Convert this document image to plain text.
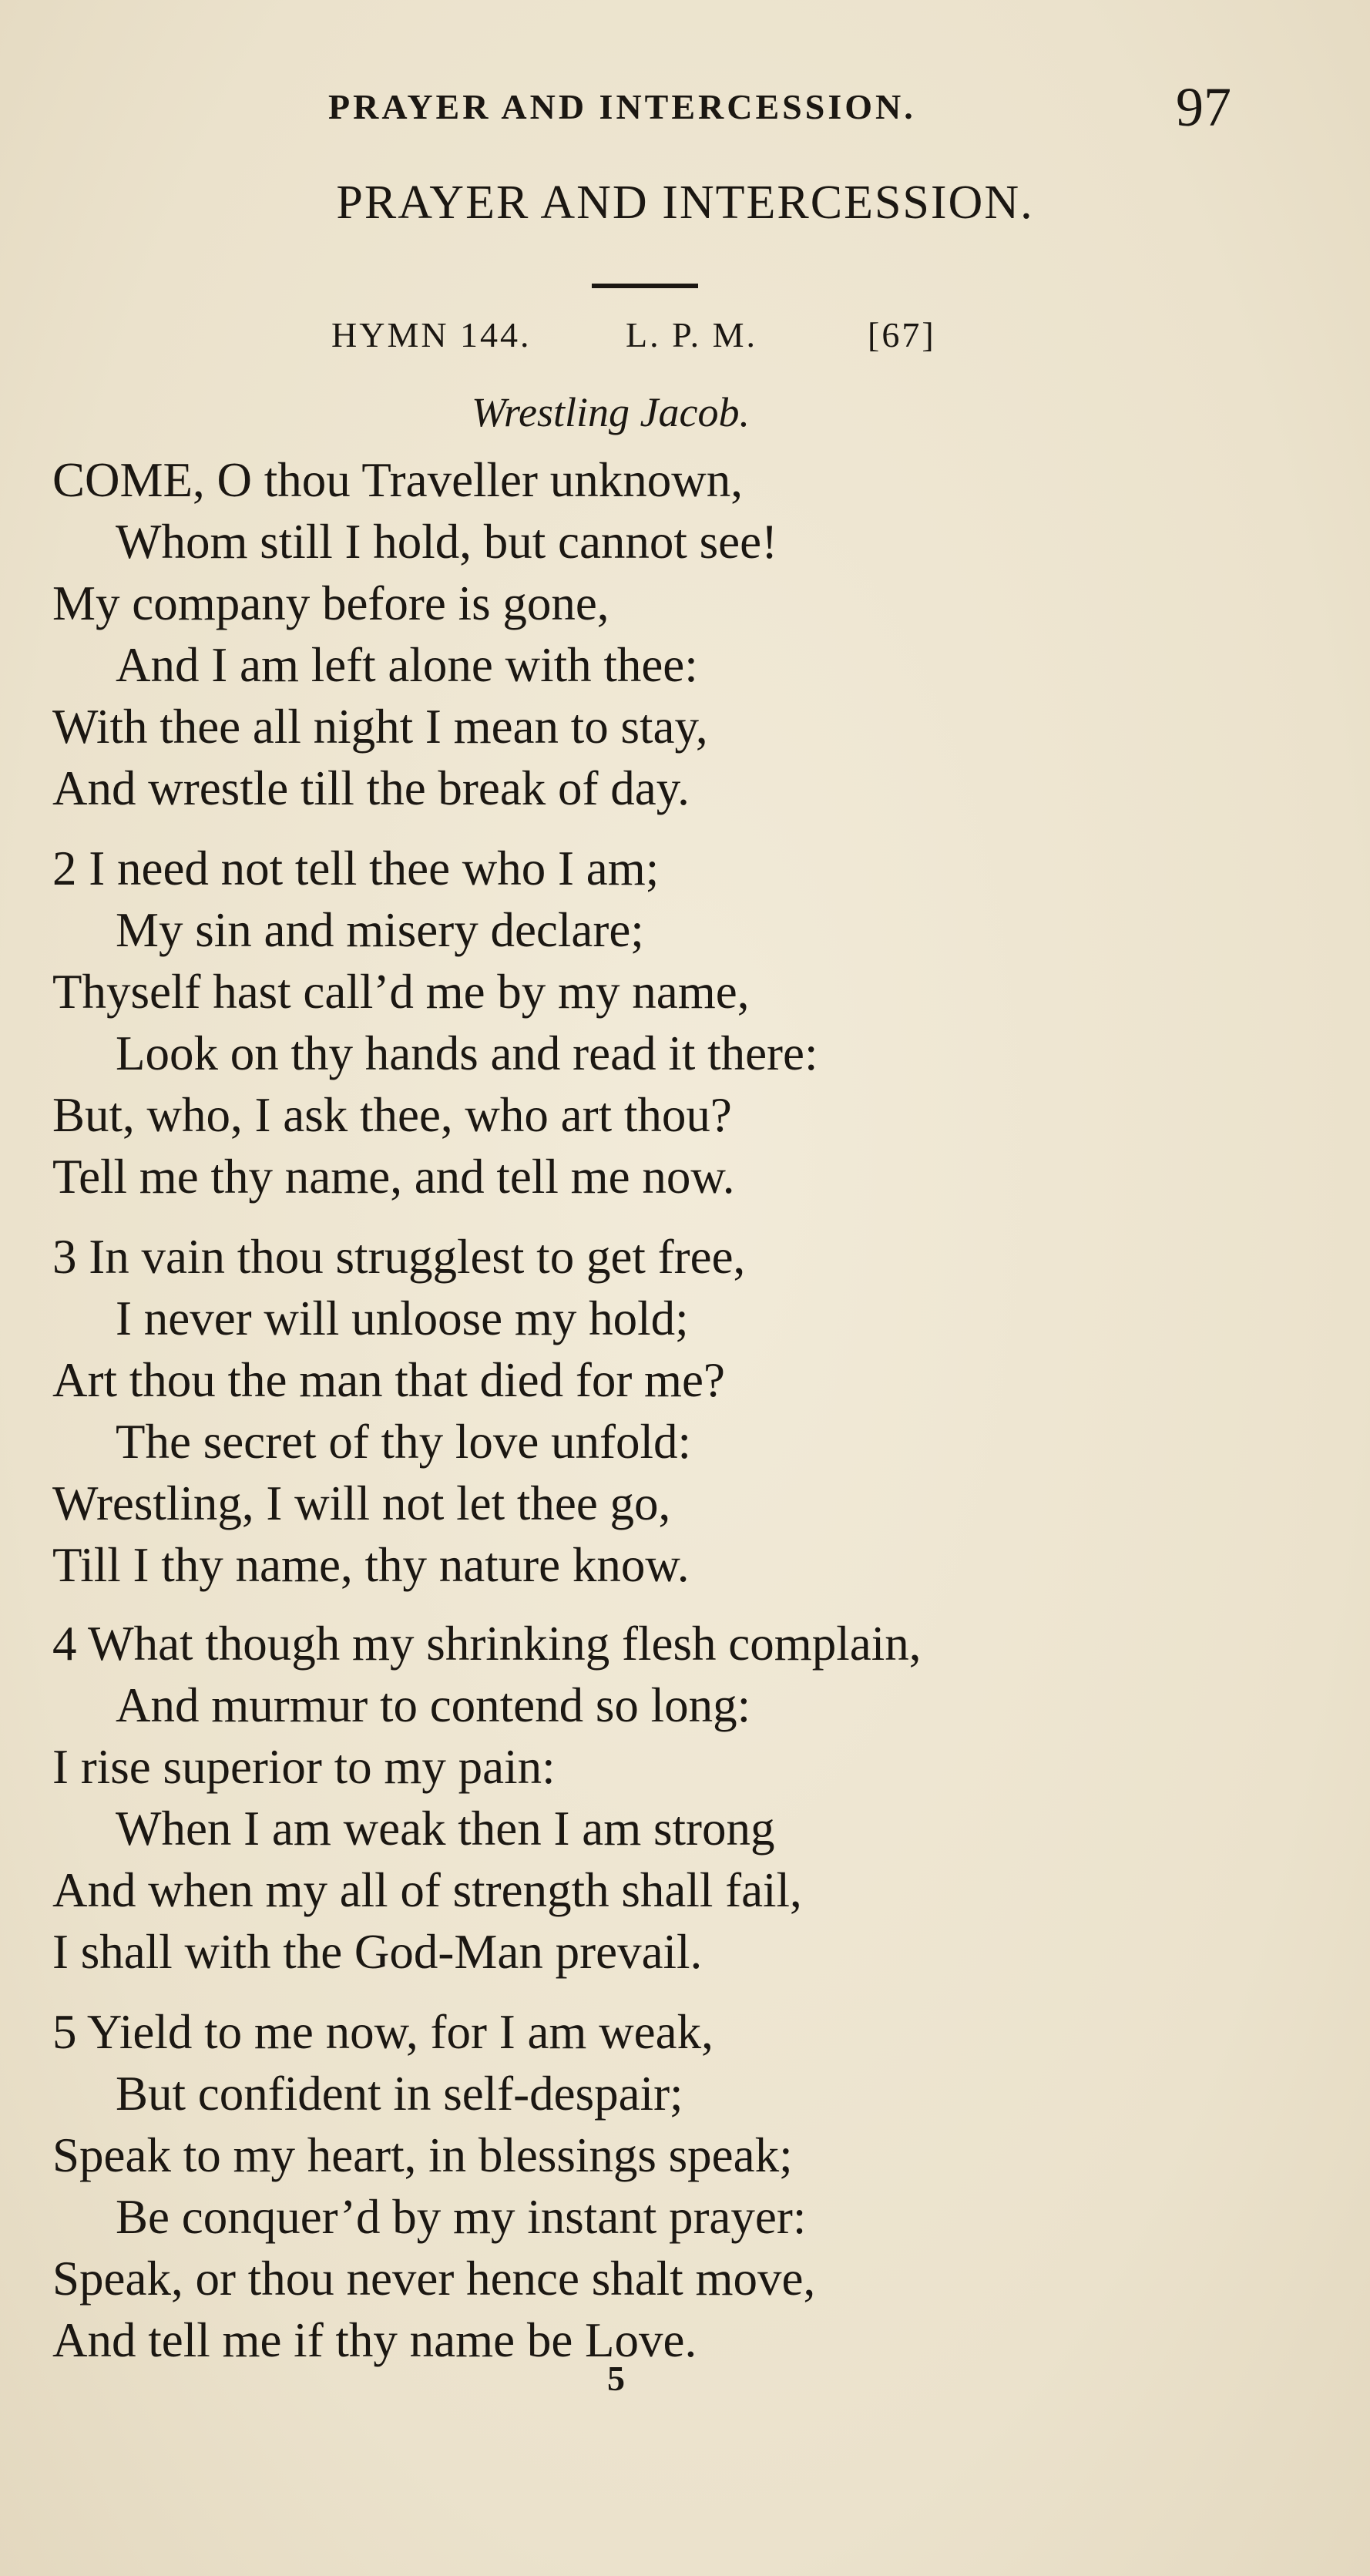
PRAYER AND INTERCESSION.	97
PRAYER AND INTERCESSION.
HYMN 144.	L. P. M.	[67]
Wrestling Jacob.
COME, O thou Traveller unknown,
Whom still I hold, but cannot see!
My company before is gone,
And I am left alone with thee:
With thee all night I mean to stay,
And wrestle till the break of day.
2 I need not tell thee who I am;
My sin and misery declare;
Thyself hast call’d me by my name,
Look on thy hands and read it there:
But, who, I ask thee, who art thou?
Tell me thy name, and tell me now.
3 In vain thou strugglest to get free,
I never will unloose my hold;
Art thou the man that died for me?
The secret of thy love unfold:
Wrestling, I will not let thee go,
Till I thy name, thy nature know.
4 What though my shrinking flesh complain,
And murmur to contend so long:
I rise superior to my pain:
When I am weak then I am strong
And when my all of strength shall fail,
I shall with the God-Man prevail.
5 Yield to me now, for I am weak,
But confident in self-despair;
Speak to my heart, in blessings speak;
Be conquer’d by my instant prayer:
Speak, or thou never hence shalt move,
And tell me if thy name be Love.
5
